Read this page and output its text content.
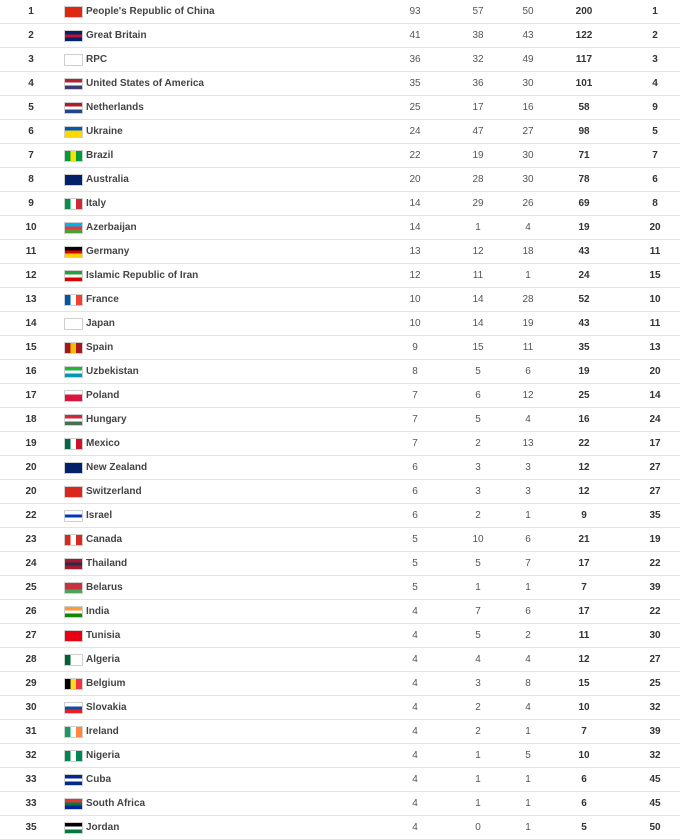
1	People's Republic of China	93	57	50	200	1
2	Great Britain	41	38	43	122	2
3	RPC	36	32	49	117	3
4	United States of America	35	36	30	101	4
5	Netherlands	25	17	16	58	9
6	Ukraine	24	47	27	98	5
7	Brazil	22	19	30	71	7
8	Australia	20	28	30	78	6
9	Italy	14	29	26	69	8
10	Azerbaijan	14	1	4	19	20
11	Germany	13	12	18	43	11
12	Islamic Republic of Iran	12	11	1	24	15
13	France	10	14	28	52	10
14	Japan	10	14	19	43	11
15	Spain	9	15	11	35	13
16	Uzbekistan	8	5	6	19	20
17	Poland	7	6	12	25	14
18	Hungary	7	5	4	16	24
19	Mexico	7	2	13	22	17
20	New Zealand	6	3	3	12	27
20	Switzerland	6	3	3	12	27
22	Israel	6	2	1	9	35
23	Canada	5	10	6	21	19
24	Thailand	5	5	7	17	22
25	Belarus	5	1	1	7	39
26	India	4	7	6	17	22
27	Tunisia	4	5	2	11	30
28	Algeria	4	4	4	12	27
29	Belgium	4	3	8	15	25
30	Slovakia	4	2	4	10	32
31	Ireland	4	2	1	7	39
32	Nigeria	4	1	5	10	32
33	Cuba	4	1	1	6	45
33	South Africa	4	1	1	6	45
35	Jordan	4	0	1	5	50
